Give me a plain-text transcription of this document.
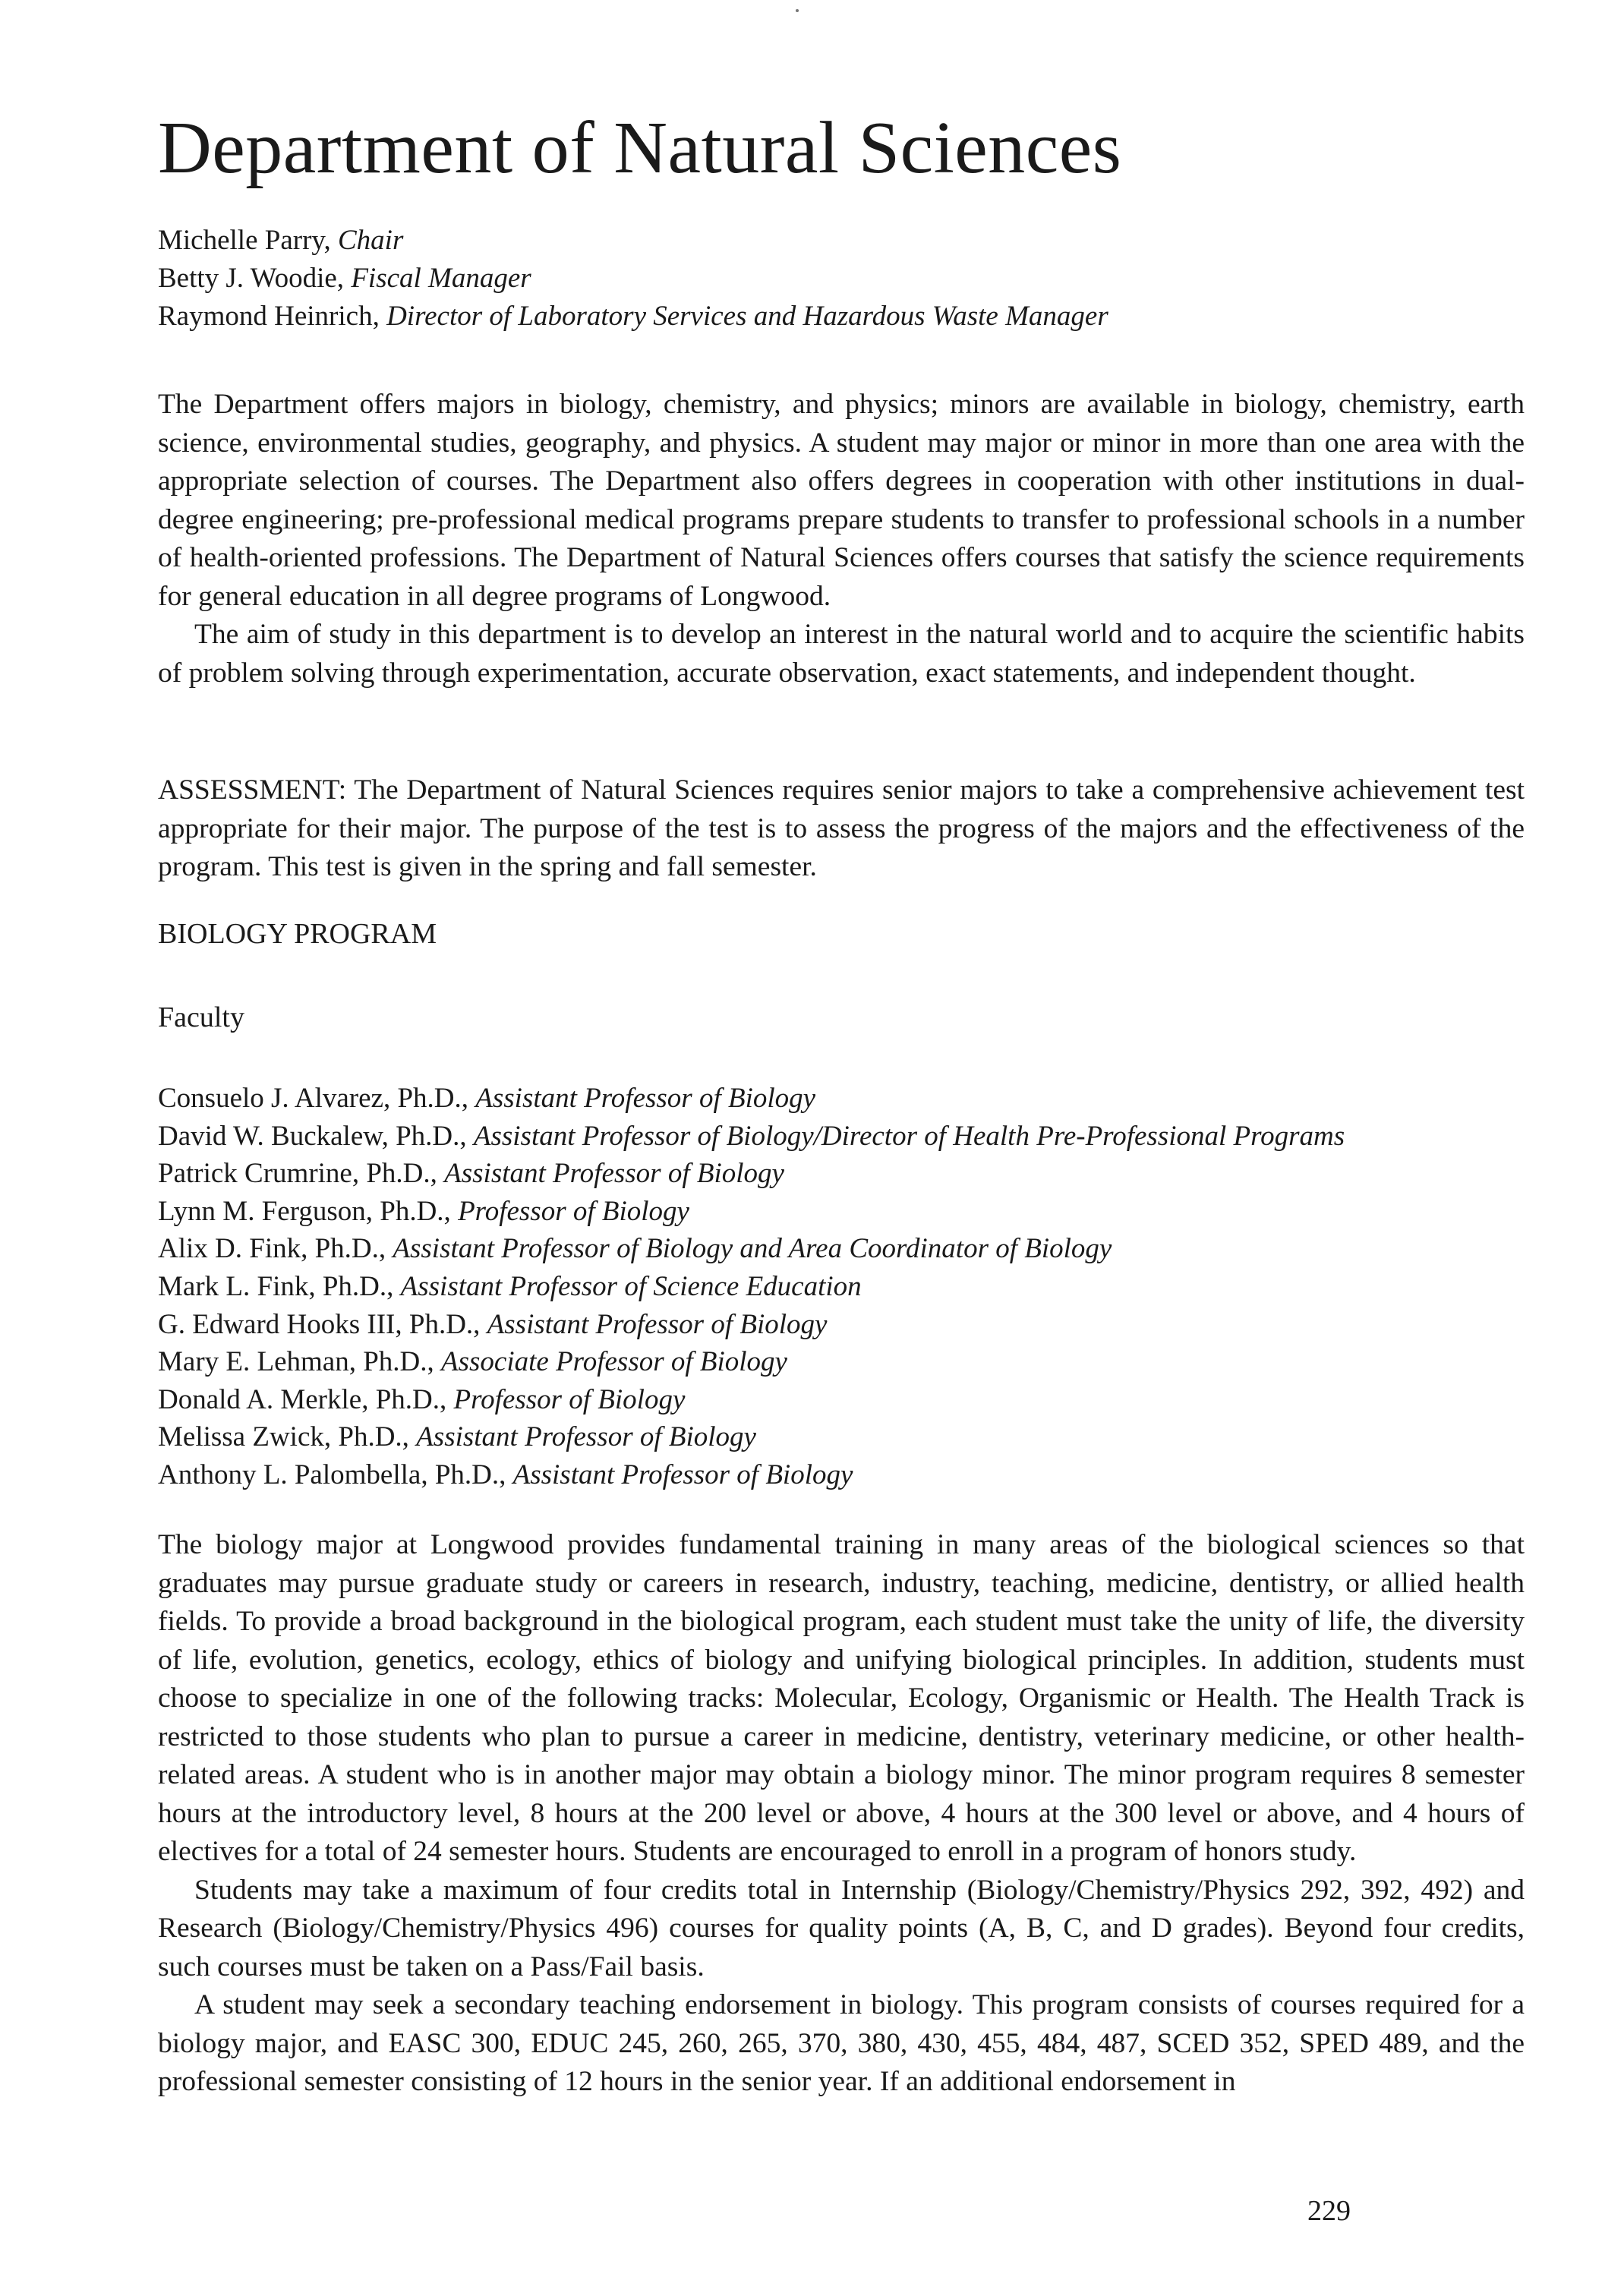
Department of Natural Sciences
Michelle Parry, Chair
Betty J. Woodie, Fiscal Manager
Raymond Heinrich, Director of Laboratory Services and Hazardous Waste Manager

The Department offers majors in biology, chemistry, and physics; minors are available in biology, chemistry, earth science, environmental studies, geography, and physics. A student may major or minor in more than one area with the appropriate selection of courses. The Department also offers degrees in cooperation with other institutions in dual-degree engineering; pre-professional medical programs prepare students to transfer to professional schools in a number of health-oriented professions. The Department of Natural Sciences offers courses that satisfy the science requirements for general education in all degree programs of Longwood.

The aim of study in this department is to develop an interest in the natural world and to acquire the scientific habits of problem solving through experimentation, accurate observation, exact statements, and independent thought.

ASSESSMENT: The Department of Natural Sciences requires senior majors to take a comprehensive achievement test appropriate for their major. The purpose of the test is to assess the progress of the majors and the effectiveness of the program. This test is given in the spring and fall semester.

BIOLOGY PROGRAM
Faculty
Consuelo J. Alvarez, Ph.D., Assistant Professor of Biology
David W. Buckalew, Ph.D., Assistant Professor of Biology/Director of Health Pre-Professional Programs
Patrick Crumrine, Ph.D., Assistant Professor of Biology
Lynn M. Ferguson, Ph.D., Professor of Biology
Alix D. Fink, Ph.D., Assistant Professor of Biology and Area Coordinator of Biology
Mark L. Fink, Ph.D., Assistant Professor of Science Education
G. Edward Hooks III, Ph.D., Assistant Professor of Biology
Mary E. Lehman, Ph.D., Associate Professor of Biology
Donald A. Merkle, Ph.D., Professor of Biology
Melissa Zwick, Ph.D., Assistant Professor of Biology
Anthony L. Palombella, Ph.D., Assistant Professor of Biology

The biology major at Longwood provides fundamental training in many areas of the biological sciences so that graduates may pursue graduate study or careers in research, industry, teaching, medicine, dentistry, or allied health fields. To provide a broad background in the biological program, each student must take the unity of life, the diversity of life, evolution, genetics, ecology, ethics of biology and unifying biological principles. In addition, students must choose to specialize in one of the following tracks: Molecular, Ecology, Organismic or Health. The Health Track is restricted to those students who plan to pursue a career in medicine, dentistry, veterinary medicine, or other health-related areas. A student who is in another major may obtain a biology minor. The minor program requires 8 semester hours at the introductory level, 8 hours at the 200 level or above, 4 hours at the 300 level or above, and 4 hours of electives for a total of 24 semester hours. Students are encouraged to enroll in a program of honors study.

Students may take a maximum of four credits total in Internship (Biology/Chemistry/Physics 292, 392, 492) and Research (Biology/Chemistry/Physics 496) courses for quality points (A, B, C, and D grades). Beyond four credits, such courses must be taken on a Pass/Fail basis.

A student may seek a secondary teaching endorsement in biology. This program consists of courses required for a biology major, and EASC 300, EDUC 245, 260, 265, 370, 380, 430, 455, 484, 487, SCED 352, SPED 489, and the professional semester consisting of 12 hours in the senior year. If an additional endorsement in

229
